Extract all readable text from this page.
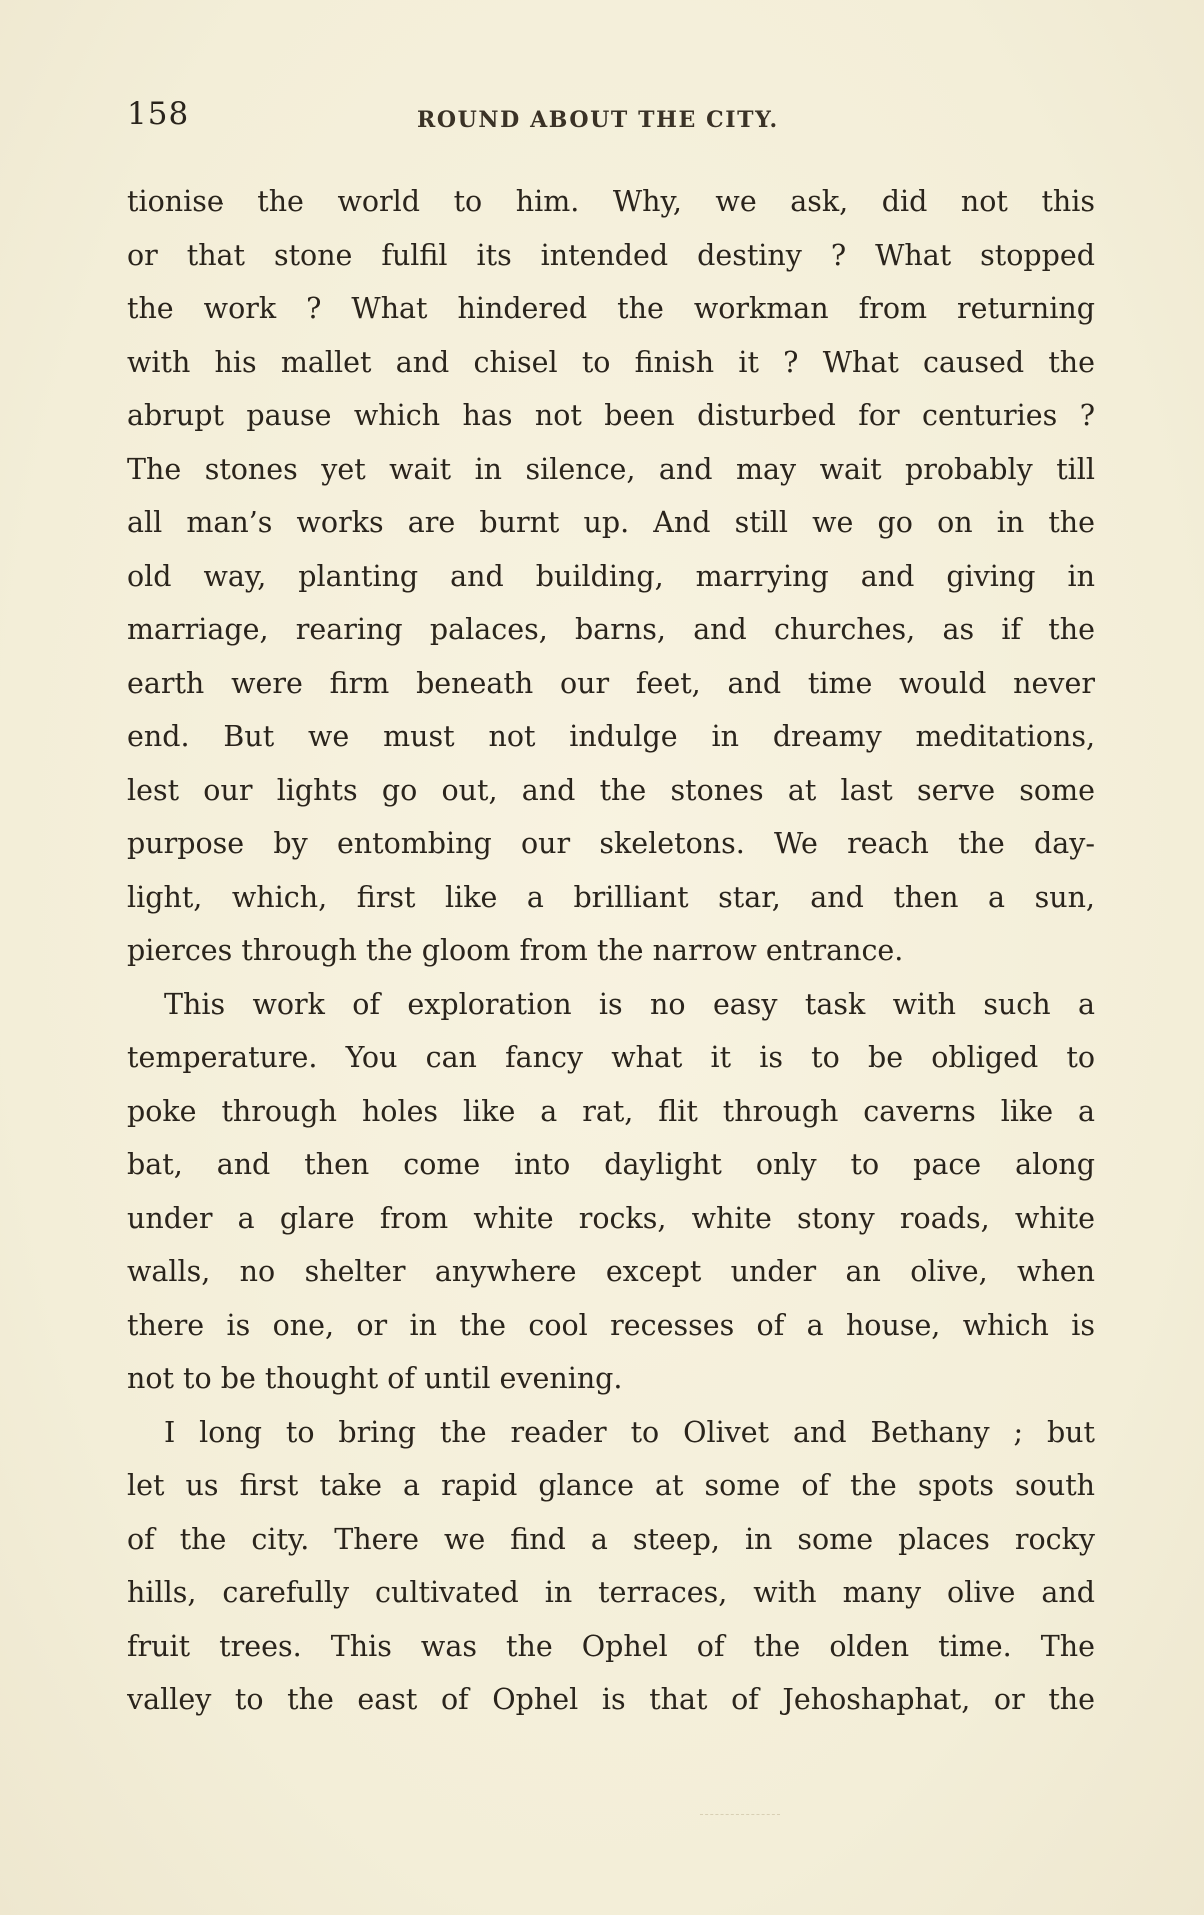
158	ROUND ABOUT THE CITY.
tionise̵ the world to him. Why, we ask, did not this
or that stone fulfil its intended destiny ? What stopped
the work ? What hindered the workman from returning
with his mallet and chisel to finish it ? What caused the
abrupt pause which has not been disturbed for centuries ?
The stones yet wait in silence, and may wait probably till
all man’s works are burnt up. And still we go on in the
old way, planting and building, marrying and giving in
marriage, rearing palaces, barns, and churches, as if the
earth were firm beneath our feet, and time would never
end. But we must not indulge in dreamy meditations,
lest our lights go out, and the stones at last serve some
purpose by entombing our skeletons. We reach the day-
light, which, first like a brilliant star, and then a sun,
pierces through the gloom from the narrow entrance.
This work of exploration is no easy task with such a
temperature. You can fancy what it is to be obliged to
poke through holes like a rat, flit through caverns like a
bat, and then come into daylight only to pace along
under a glare from white rocks, white stony roads, white
walls, no shelter anywhere except under an olive, when
there is one, or in the cool recesses of a house, which is
not to be thought of until evening.
I long to bring the reader to Olivet and Bethany ; but
let us first take a rapid glance at some of the spots south
of the city. There we find a steep, in some places rocky
hills, carefully cultivated in terraces, with many olive and
fruit trees. This was the Ophel of the olden time. The
valley to the east of Ophel is that of Jehoshaphat, or the
